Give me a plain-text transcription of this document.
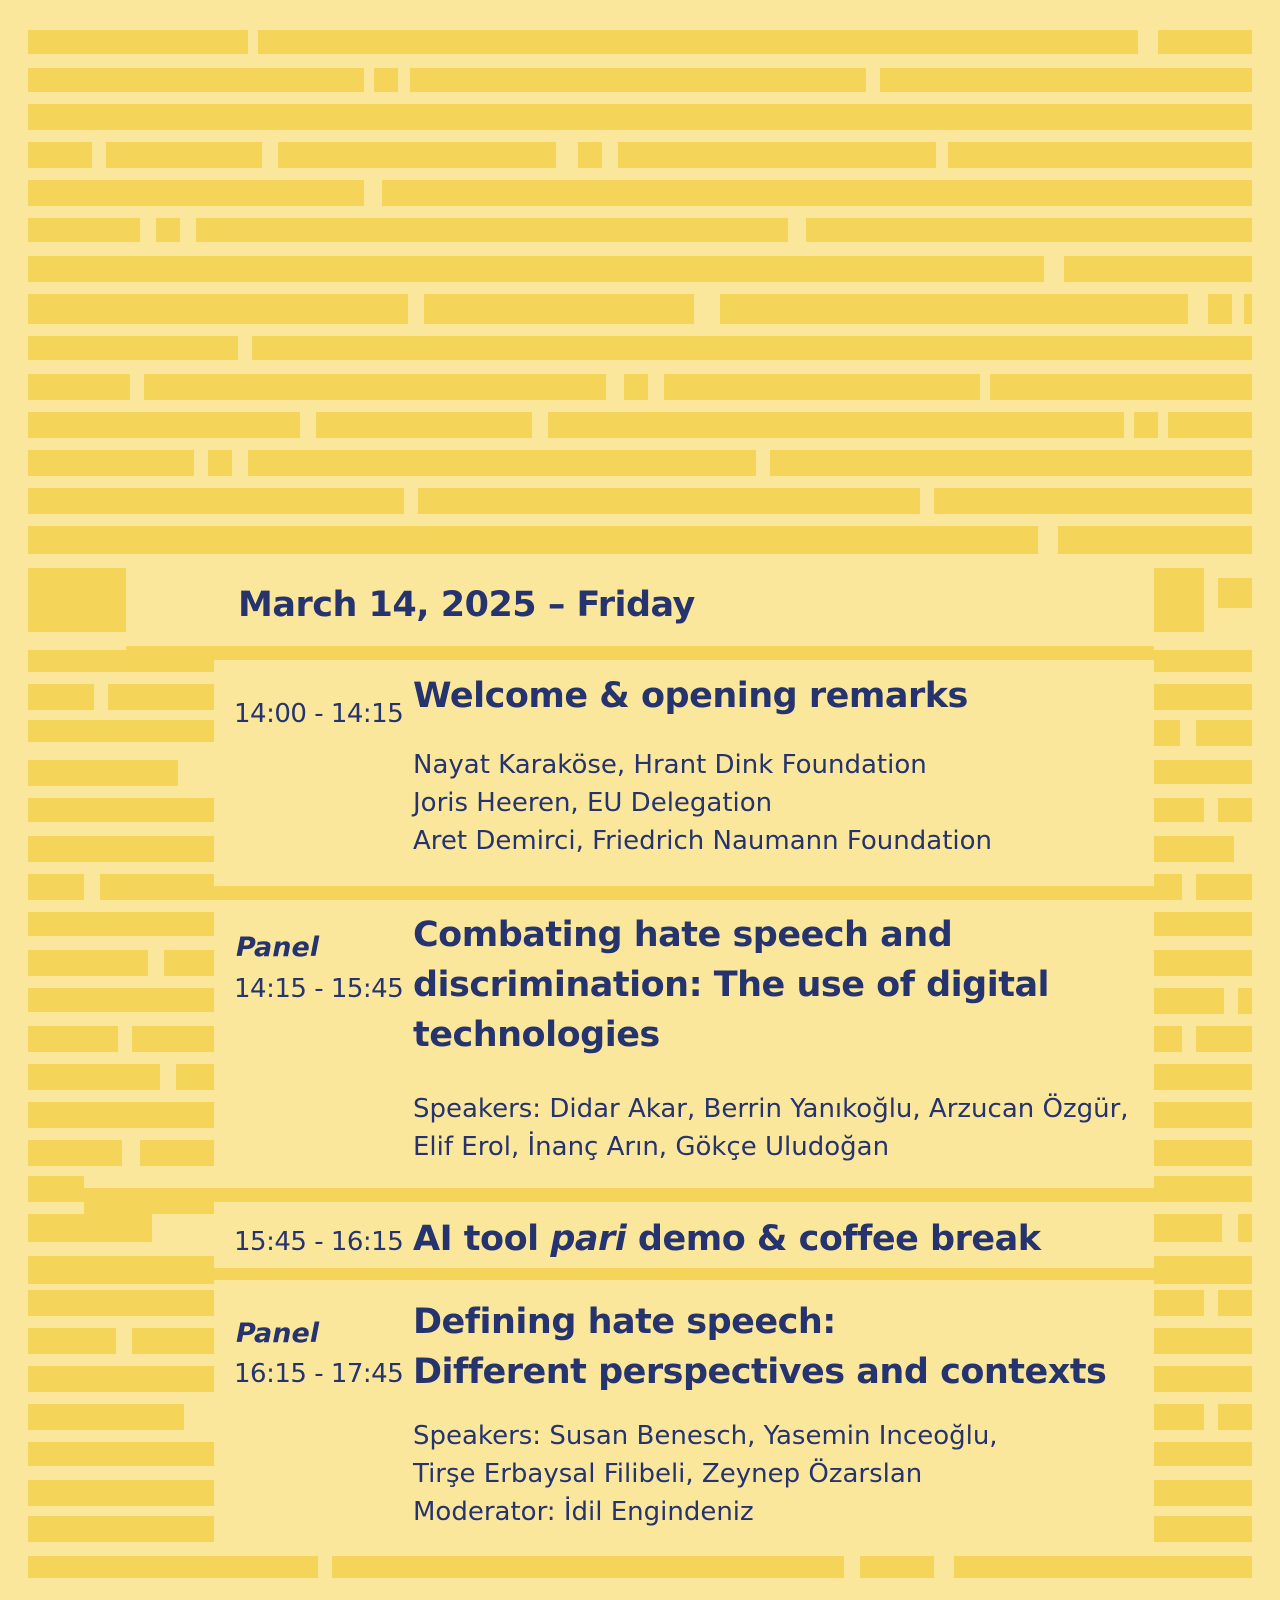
March 14, 2025 – Friday
14:00 - 14:15 Welcome & opening remarks
Nayat Karaköse, Hrant Dink Foundation
Joris Heeren, EU Delegation
Aret Demirci, Friedrich Naumann Foundation
Panel
14:15 - 15:45
Combating hate speech and
discrimination: The use of digital
technologies
Speakers: Didar Akar, Berrin Yanıkoğlu, Arzucan Özgür,
Elif Erol, İnanç Arın, Gökçe Uludoğan
15:45 - 16:15 AI tool pari demo & coffee break
Panel
16:15 - 17:45
Defining hate speech:
Different perspectives and contexts
Speakers: Susan Benesch, Yasemin Inceoğlu,
Tirşe Erbaysal Filibeli, Zeynep Özarslan
Moderator: İdil Engindeniz
